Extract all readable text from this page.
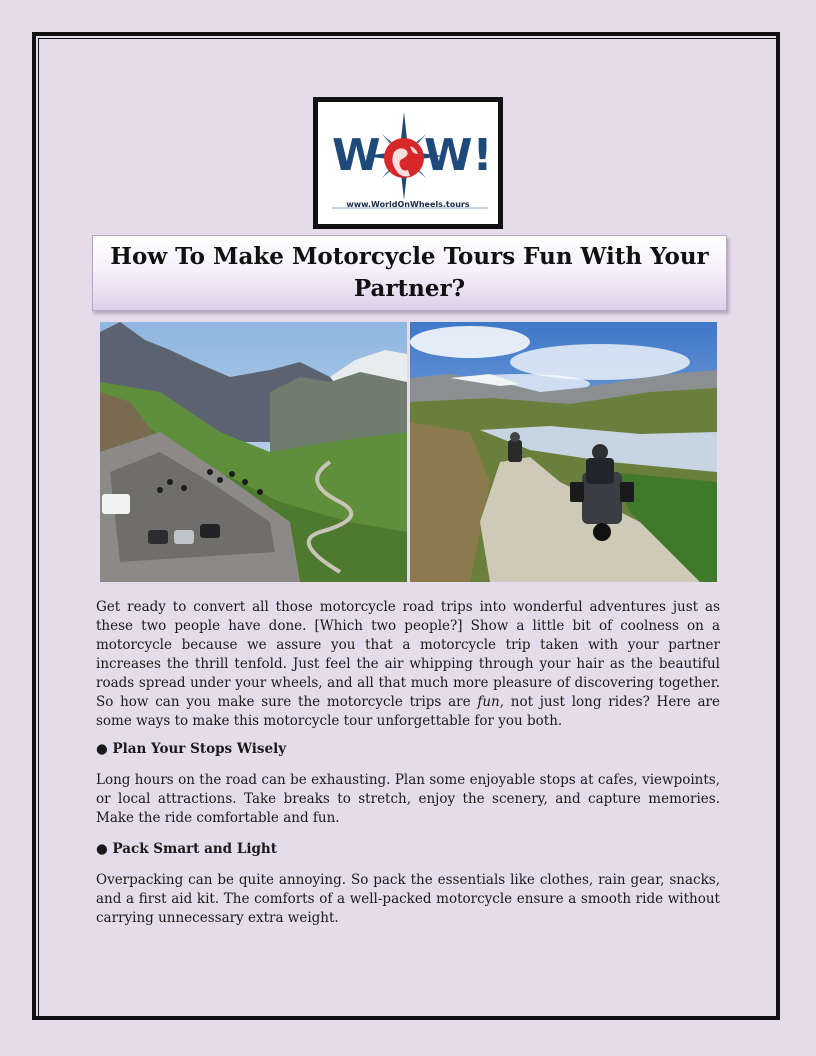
W W!
www.WorldOnWheels.tours
How To Make Motorcycle Tours Fun With Your Partner?

Get ready to convert all those motorcycle road trips into wonderful adventures just as these two people have done. [Which two people?] Show a little bit of coolness on a motorcycle because we assure you that a motorcycle trip taken with your partner increases the thrill tenfold. Just feel the air whipping through your hair as the beautiful roads spread under your wheels, and all that much more pleasure of discovering together. So how can you make sure the motorcycle trips are fun, not just long rides? Here are some ways to make this motorcycle tour unforgettable for you both.

● Plan Your Stops Wisely

Long hours on the road can be exhausting. Plan some enjoyable stops at cafes, viewpoints, or local attractions. Take breaks to stretch, enjoy the scenery, and capture memories. Make the ride comfortable and fun.

● Pack Smart and Light

Overpacking can be quite annoying. So pack the essentials like clothes, rain gear, snacks, and a first aid kit. The comforts of a well-packed motorcycle ensure a smooth ride without carrying unnecessary extra weight.
